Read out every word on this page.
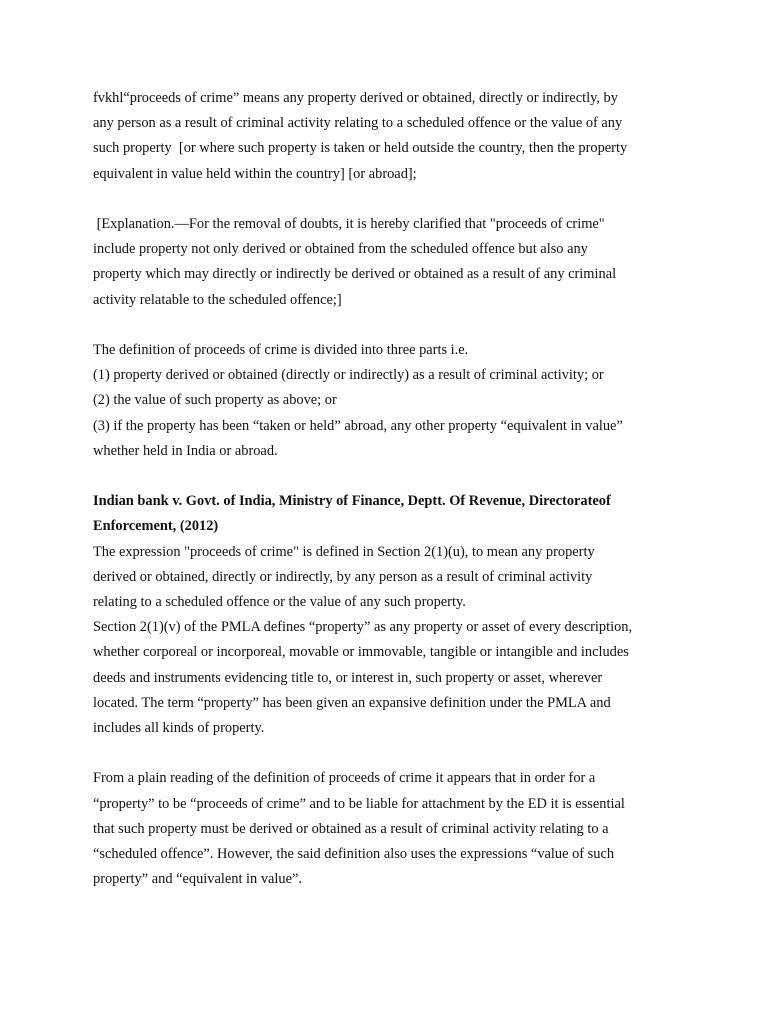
fvkhl“proceeds of crime” means any property derived or obtained, directly or indirectly, by
any person as a result of criminal activity relating to a scheduled offence or the value of any
such property  [or where such property is taken or held outside the country, then the property
equivalent in value held within the country] [or abroad];

[Explanation.—For the removal of doubts, it is hereby clarified that "proceeds of crime"
include property not only derived or obtained from the scheduled offence but also any
property which may directly or indirectly be derived or obtained as a result of any criminal
activity relatable to the scheduled offence;]

The definition of proceeds of crime is divided into three parts i.e.
(1) property derived or obtained (directly or indirectly) as a result of criminal activity; or
(2) the value of such property as above; or
(3) if the property has been “taken or held” abroad, any other property “equivalent in value”
whether held in India or abroad.

Indian bank v. Govt. of India, Ministry of Finance, Deptt. Of Revenue, Directorateof
Enforcement, (2012)

The expression "proceeds of crime" is defined in Section 2(1)(u), to mean any property
derived or obtained, directly or indirectly, by any person as a result of criminal activity
relating to a scheduled offence or the value of any such property.
Section 2(1)(v) of the PMLA defines “property” as any property or asset of every description,
whether corporeal or incorporeal, movable or immovable, tangible or intangible and includes
deeds and instruments evidencing title to, or interest in, such property or asset, wherever
located. The term “property” has been given an expansive definition under the PMLA and
includes all kinds of property.

From a plain reading of the definition of proceeds of crime it appears that in order for a
“property” to be “proceeds of crime” and to be liable for attachment by the ED it is essential
that such property must be derived or obtained as a result of criminal activity relating to a
“scheduled offence”. However, the said definition also uses the expressions “value of such
property” and “equivalent in value”.
